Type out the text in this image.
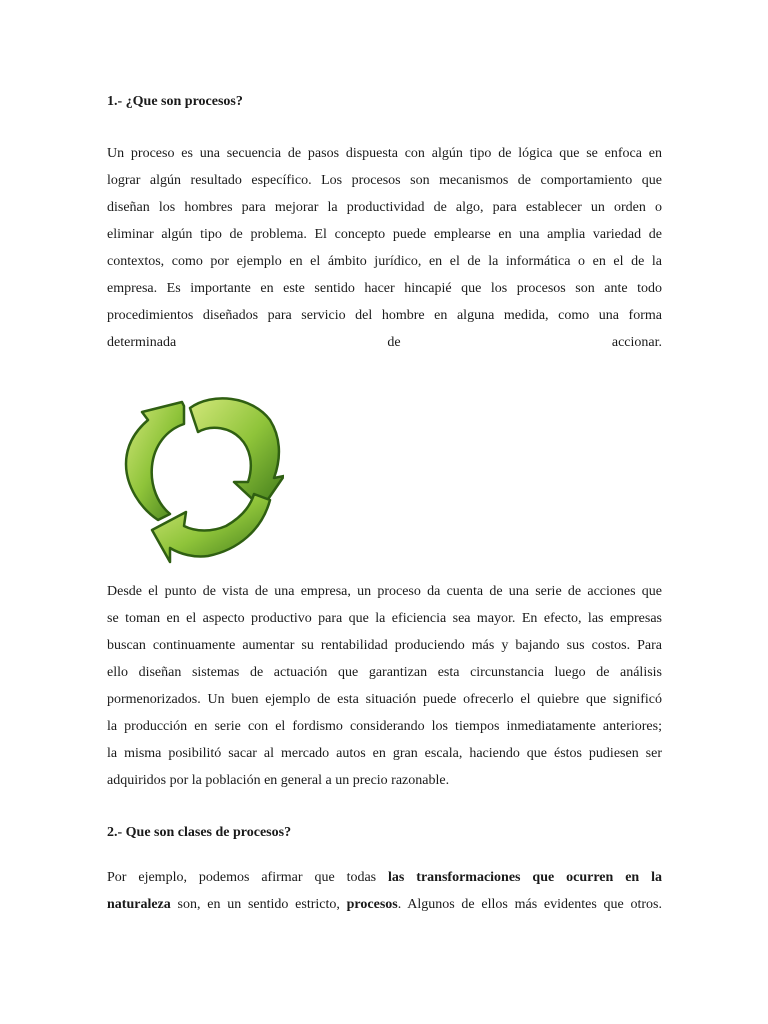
1.- ¿Que son procesos?
Un proceso es una secuencia de pasos dispuesta con algún tipo de lógica que se enfoca en
lograr algún resultado específico. Los procesos son mecanismos de comportamiento que
diseñan los hombres para mejorar la productividad de algo, para establecer un orden o
eliminar algún tipo de problema. El concepto puede emplearse en una amplia variedad de
contextos, como por ejemplo en el ámbito jurídico, en el de la informática o en el de la
empresa. Es importante en este sentido hacer hincapié que los procesos son ante todo
procedimientos diseñados para servicio del hombre en alguna medida, como una forma
determinada de accionar.
Desde el punto de vista de una empresa, un proceso da cuenta de una serie de acciones que
se toman en el aspecto productivo para que la eficiencia sea mayor. En efecto, las empresas
buscan continuamente aumentar su rentabilidad produciendo más y bajando sus costos. Para
ello diseñan sistemas de actuación que garantizan esta circunstancia luego de análisis
pormenorizados. Un buen ejemplo de esta situación puede ofrecerlo el quiebre que significó
la producción en serie con el fordismo considerando los tiempos inmediatamente anteriores;
la misma posibilitó sacar al mercado autos en gran escala, haciendo que éstos pudiesen ser
adquiridos por la población en general a un precio razonable.
2.- Que son clases de procesos?
Por ejemplo, podemos afirmar que todas las transformaciones que ocurren en la
naturaleza son, en un sentido estricto, procesos. Algunos de ellos más evidentes que otros.
